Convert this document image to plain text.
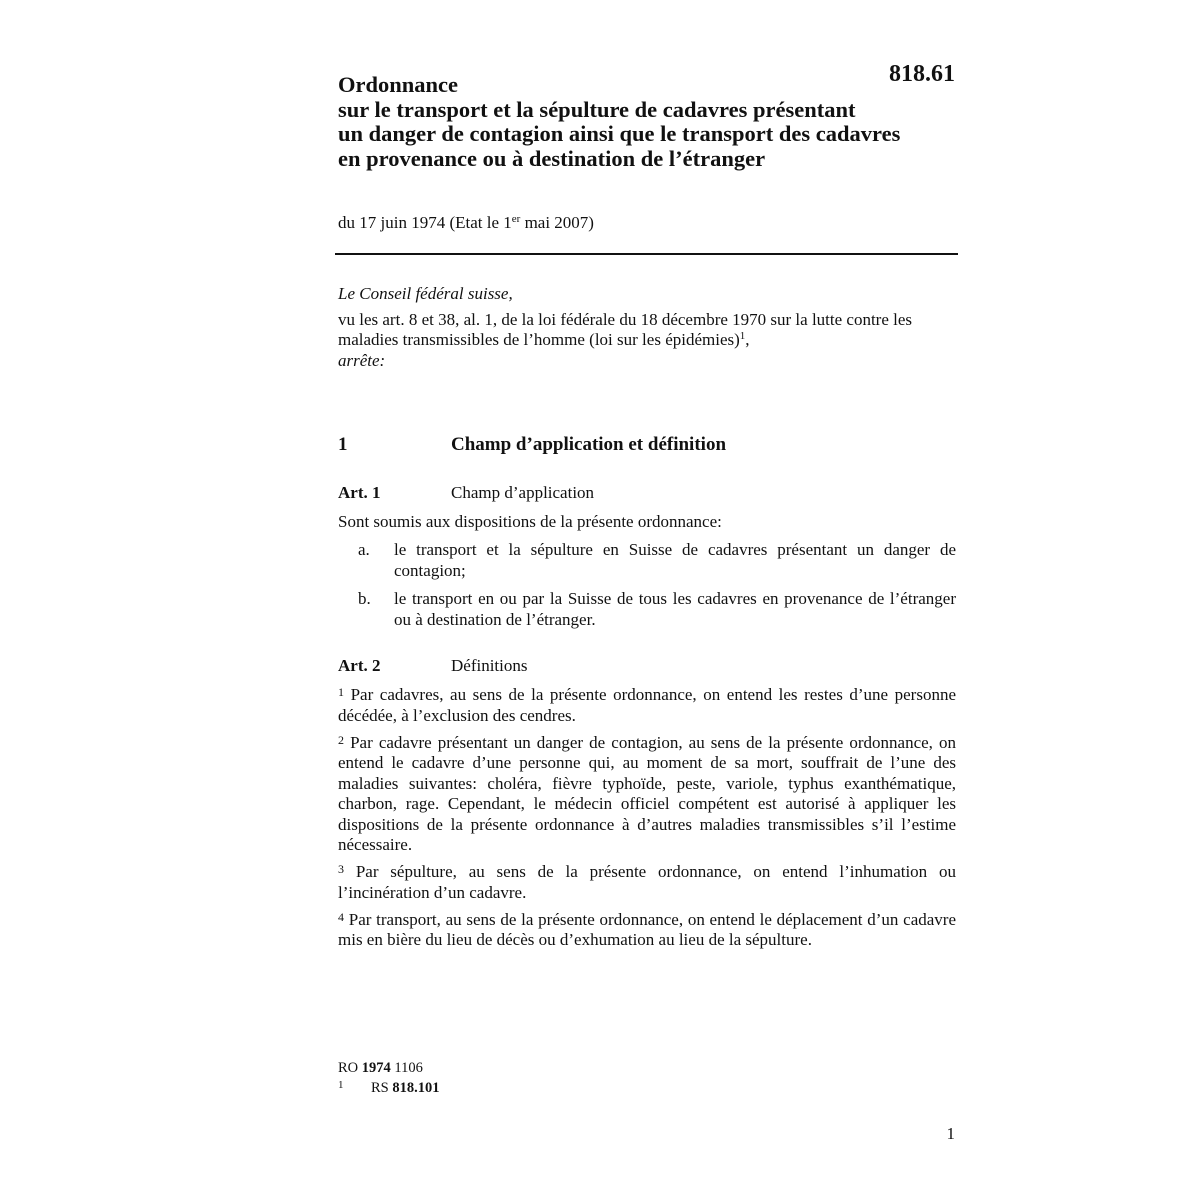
818.61
Ordonnance
sur le transport et la sépulture de cadavres présentant
un danger de contagion ainsi que le transport des cadavres
en provenance ou à destination de l’étranger
du 17 juin 1974 (Etat le 1er mai 2007)

Le Conseil fédéral suisse,

vu les art. 8 et 38, al. 1, de la loi fédérale du 18 décembre 1970 sur la lutte contre les maladies transmissibles de l’homme (loi sur les épidémies)$^1$,

arrête:

1	Champ d’application et définition
Art. 1	Champ d’application

Sont soumis aux dispositions de la présente ordonnance:

a.	le transport et la sépulture en Suisse de cadavres présentant un danger de contagion;
b.	le transport en ou par la Suisse de tous les cadavres en provenance de l’étranger ou à destination de l’étranger.
Art. 2	Définitions

$^1$ Par cadavres, au sens de la présente ordonnance, on entend les restes d’une personne décédée, à l’exclusion des cendres.

$^2$ Par cadavre présentant un danger de contagion, au sens de la présente ordonnance, on entend le cadavre d’une personne qui, au moment de sa mort, souffrait de l’une des maladies suivantes: choléra, fièvre typhoïde, peste, variole, typhus exanthématique, charbon, rage. Cependant, le médecin officiel compétent est autorisé à appliquer les dispositions de la présente ordonnance à d’autres maladies transmissibles s’il l’estime nécessaire.

$^3$ Par sépulture, au sens de la présente ordonnance, on entend l’inhumation ou l’incinération d’un cadavre.

$^4$ Par transport, au sens de la présente ordonnance, on entend le déplacement d’un cadavre mis en bière du lieu de décès ou d’exhumation au lieu de la sépulture.

RO 1974 1106
1 RS 818.101
1
